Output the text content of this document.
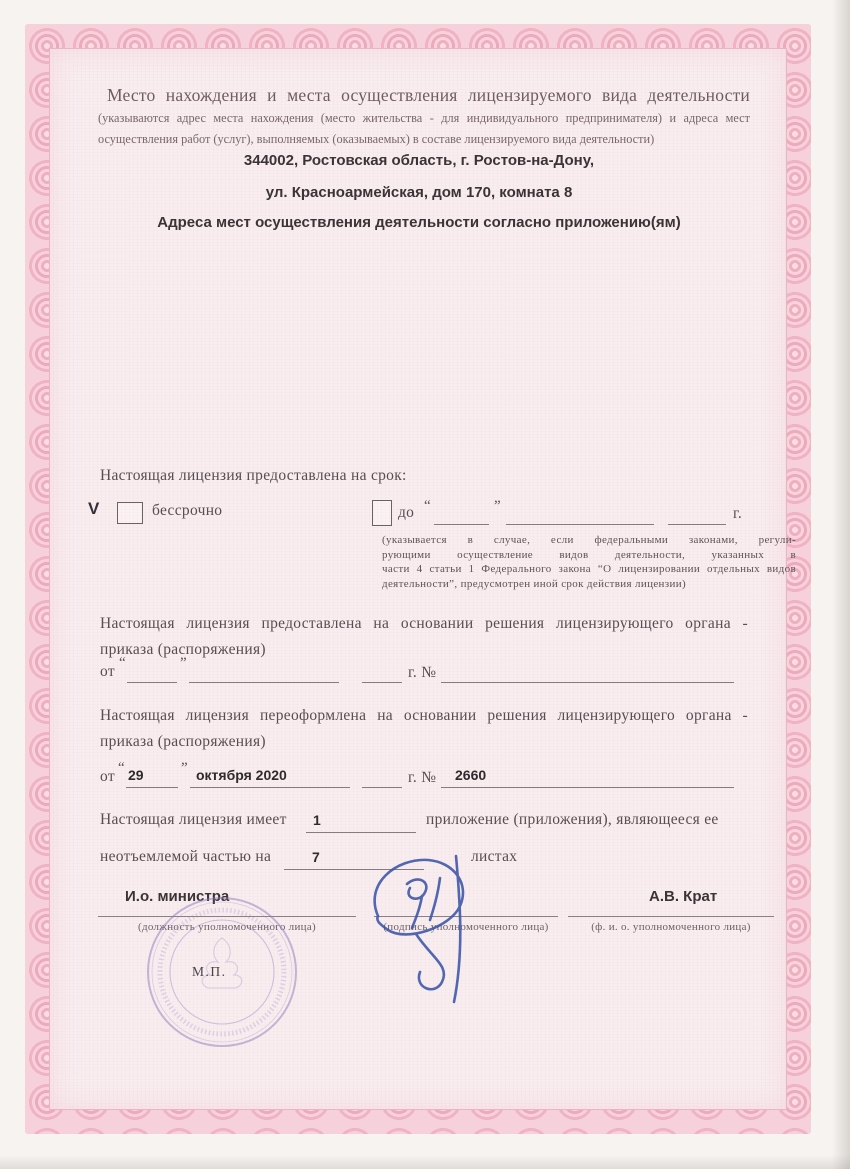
Место нахождения и места осуществления лицензируемого вида деятельности (указываются адрес места нахождения (место жительства - для индивидуального предпринимателя) и адреса мест осуществления работ (услуг), выполняемых (оказываемых) в составе лицензируемого вида деятельности)
344002, Ростовская область, г. Ростов-на-Дону,
ул. Красноармейская, дом 170, комната 8
Адреса мест осуществления деятельности согласно приложению(ям)
Настоящая лицензия предоставлена на срок:
V	бессрочно	до “	”	г.
(указывается в случае, если федеральными законами, регули-
рующими осуществление видов деятельности, указанных в
части 4 статьи 1 Федерального закона “О лицензировании отдельных видов
деятельности”, предусмотрен иной срок действия лицензии)
Настоящая лицензия предоставлена на основании решения лицензирующего органа -
приказа (распоряжения)
от “	”
г. №
Настоящая лицензия переоформлена на основании решения лицензирующего органа -
приказа (распоряжения)
от “ 29 ” октября 2020	г. № 2660
Настоящая лицензия имеет 1	приложение (приложения), являющееся ее
неотъемлемой частью на	7	листах
И.о. министра	А.В. Крат
(должность уполномоченного лица)	(подпись уполномоченного лица)	(ф. и. о. уполномоченного лица)
М.П.
